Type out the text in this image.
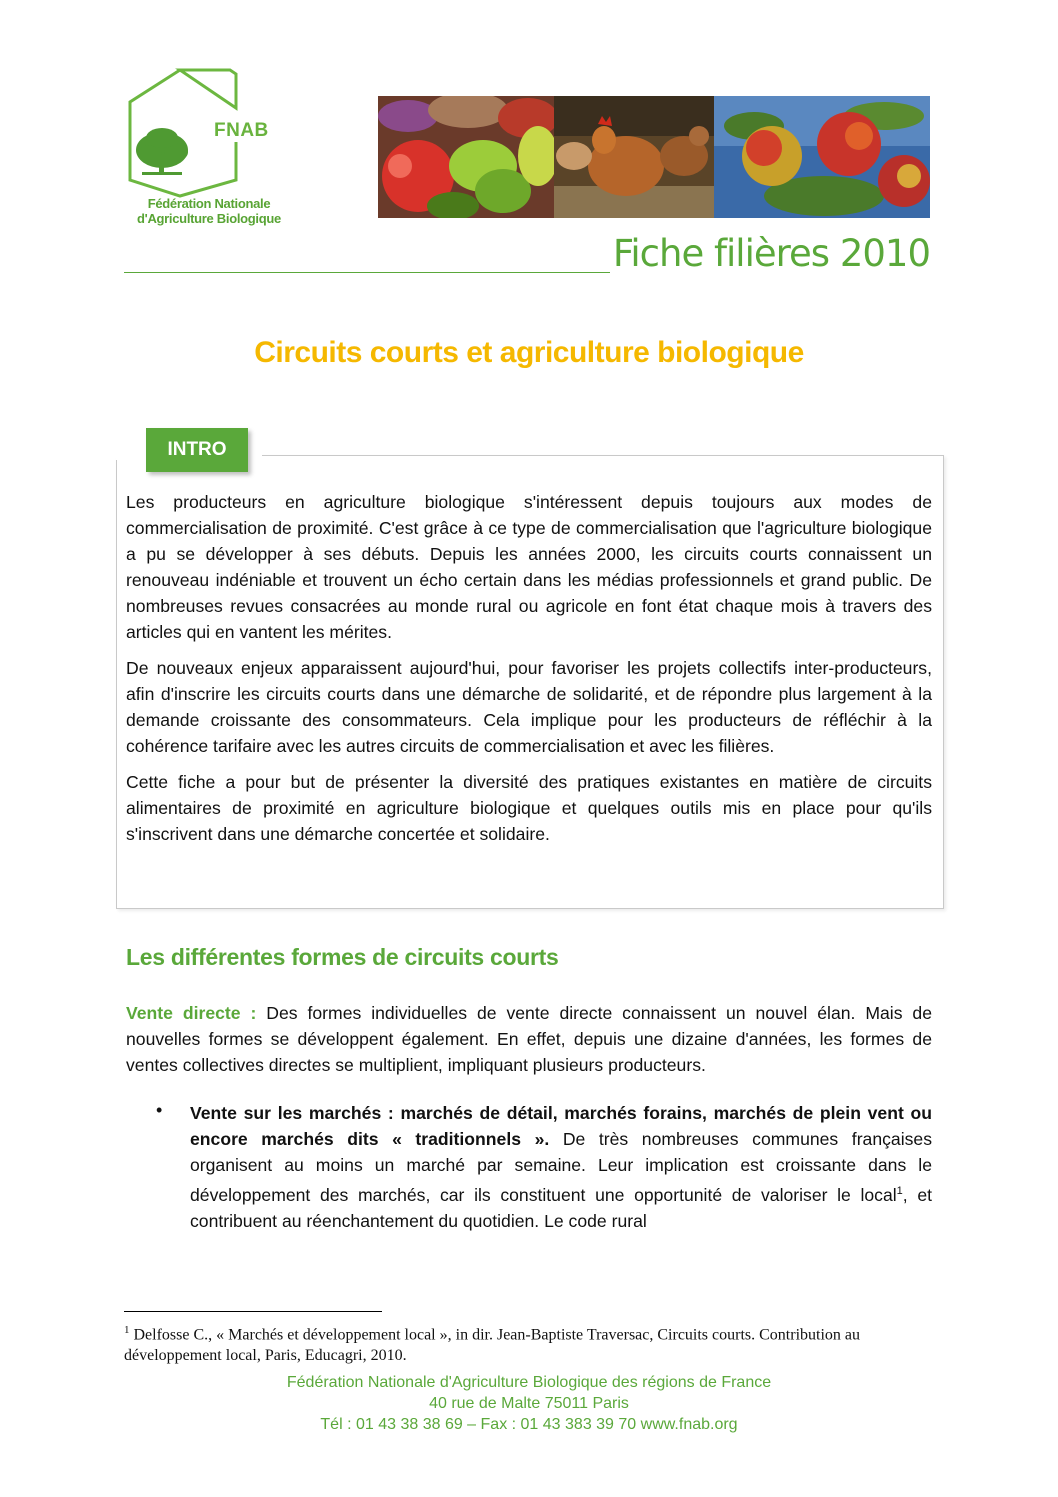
FNAB
Fédération Nationale
d'Agriculture Biologique
Fiche filières 2010
Circuits courts et agriculture biologique
INTRO

Les producteurs en agriculture biologique s'intéressent depuis toujours aux modes de commercialisation de proximité. C'est grâce à ce type de commercialisation que l'agriculture biologique a pu se développer à ses débuts. Depuis les années 2000, les circuits courts connaissent un renouveau indéniable et trouvent un écho certain dans les médias professionnels et grand public. De nombreuses revues consacrées au monde rural ou agricole en font état chaque mois à travers des articles qui en vantent les mérites.

De nouveaux enjeux apparaissent aujourd'hui, pour favoriser les projets collectifs inter-producteurs, afin d'inscrire les circuits courts dans une démarche de solidarité, et de répondre plus largement à la demande croissante des consommateurs. Cela implique pour les producteurs de réfléchir à la cohérence tarifaire avec les autres circuits de commercialisation et avec les filières.

Cette fiche a pour but de présenter la diversité des pratiques existantes en matière de circuits alimentaires de proximité en agriculture biologique et quelques outils mis en place pour qu'ils s'inscrivent dans une démarche concertée et solidaire.

Les différentes formes de circuits courts

Vente directe : Des formes individuelles de vente directe connaissent un nouvel élan. Mais de nouvelles formes se développent également. En effet, depuis une dizaine d'années, les formes de ventes collectives directes se multiplient, impliquant plusieurs producteurs.

• Vente sur les marchés : marchés de détail, marchés forains, marchés de plein vent ou encore marchés dits « traditionnels ». De très nombreuses communes françaises organisent au moins un marché par semaine. Leur implication est croissante dans le développement des marchés, car ils constituent une opportunité de valoriser le local$^1$, et contribuent au réenchantement du quotidien. Le code rural

$^1$ Delfosse C., « Marchés et développement local », in dir. Jean-Baptiste Traversac, Circuits courts. Contribution au développement local, Paris, Educagri, 2010.

Fédération Nationale d'Agriculture Biologique des régions de France
40 rue de Malte 75011 Paris
Tél : 01 43 38 38 69 – Fax : 01 43 383 39 70 www.fnab.org
